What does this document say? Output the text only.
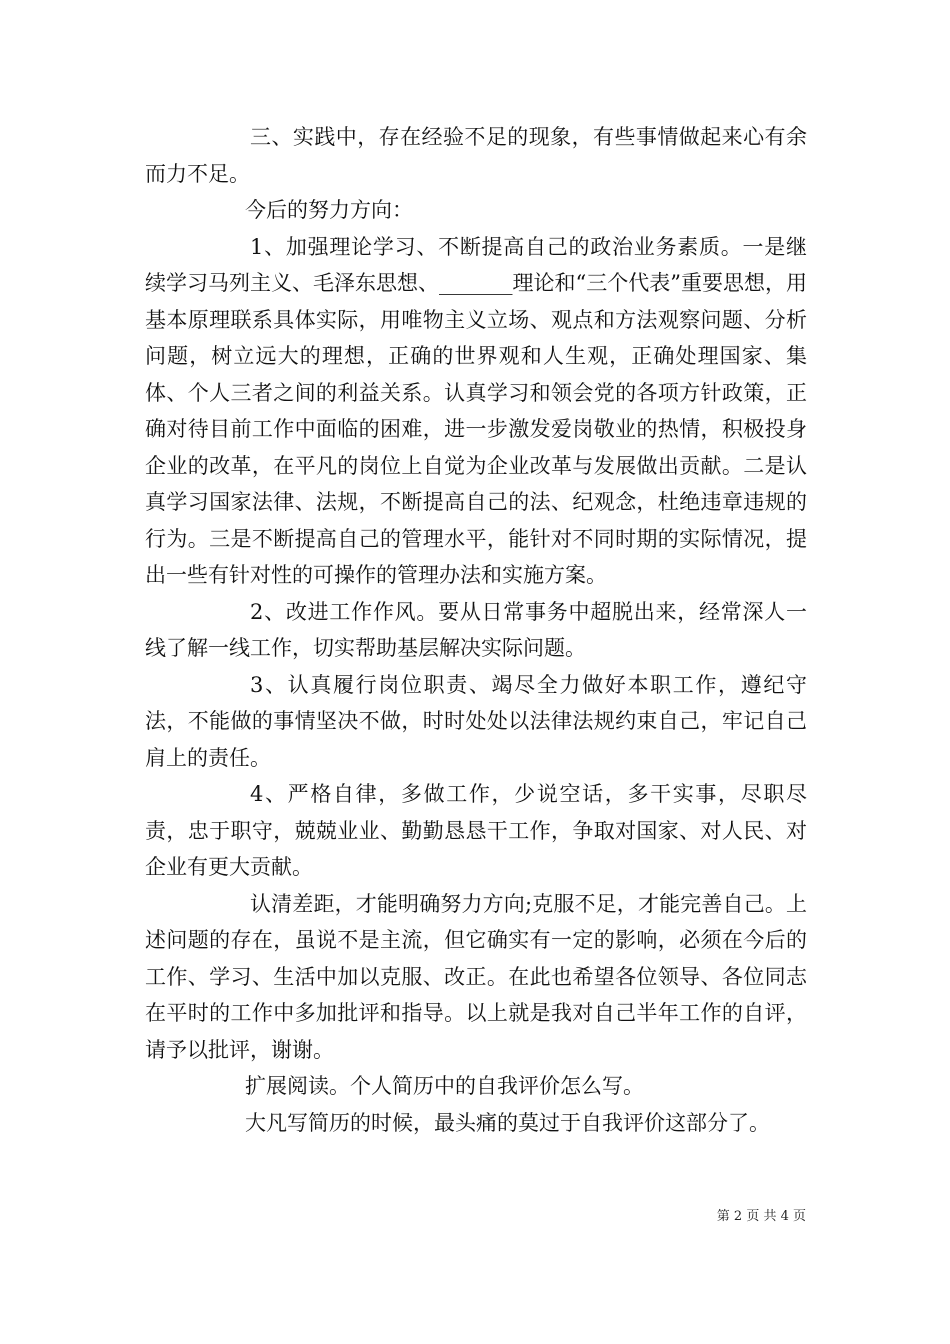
三、实践中，存在经验不足的现象，有些事情做起来心有余而力不足。

今后的努力方向：

1、加强理论学习、不断提高自己的政治业务素质。一是继续学习马列主义、毛泽东思想、_______理论和“三个代表”重要思想，用基本原理联系具体实际，用唯物主义立场、观点和方法观察问题、分析问题，树立远大的理想，正确的世界观和人生观，正确处理国家、集体、个人三者之间的利益关系。认真学习和领会党的各项方针政策，正确对待目前工作中面临的困难，进一步激发爱岗敬业的热情，积极投身企业的改革，在平凡的岗位上自觉为企业改革与发展做出贡献。二是认真学习国家法律、法规，不断提高自己的法、纪观念，杜绝违章违规的行为。三是不断提高自己的管理水平，能针对不同时期的实际情况，提出一些有针对性的可操作的管理办法和实施方案。

2、改进工作作风。要从日常事务中超脱出来，经常深人一线了解一线工作，切实帮助基层解决实际问题。

3、认真履行岗位职责、竭尽全力做好本职工作，遵纪守法，不能做的事情坚决不做，时时处处以法律法规约束自己，牢记自己肩上的责任。

4、严格自律，多做工作，少说空话，多干实事，尽职尽责，忠于职守，兢兢业业、勤勤恳恳干工作，争取对国家、对人民、对企业有更大贡献。

认清差距，才能明确努力方向;克服不足，才能完善自己。上述问题的存在，虽说不是主流，但它确实有一定的影响，必须在今后的工作、学习、生活中加以克服、改正。在此也希望各位领导、各位同志在平时的工作中多加批评和指导。以上就是我对自己半年工作的自评，请予以批评，谢谢。

扩展阅读。个人简历中的自我评价怎么写。

大凡写简历的时候，最头痛的莫过于自我评价这部分了。

第 2 页 共 4 页
